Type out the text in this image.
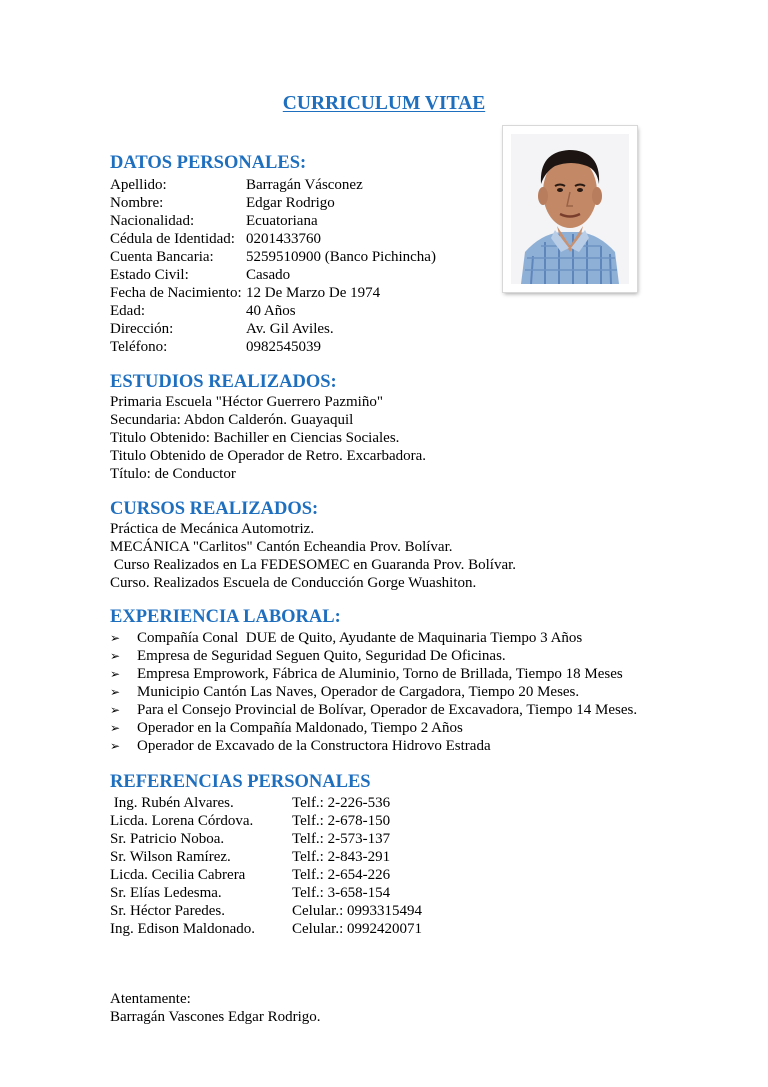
CURRICULUM VITAE
DATOS PERSONALES:
Apellido:	Barragán Vásconez
Nombre:	Edgar Rodrigo
Nacionalidad:	Ecuatoriana
Cédula de Identidad: 0201433760
Cuenta Bancaria:	5259510900 (Banco Pichincha)
Estado Civil:	Casado
Fecha de Nacimiento: 12 De Marzo De 1974
Edad:	40 Años
Dirección:	Av. Gil Aviles.
Teléfono:	0982545039
ESTUDIOS REALIZADOS:
Primaria Escuela "Héctor Guerrero Pazmiño"
Secundaria: Abdon Calderón. Guayaquil
Titulo Obtenido: Bachiller en Ciencias Sociales.
Titulo Obtenido de Operador de Retro. Excarbadora.
Título: de Conductor
CURSOS REALIZADOS:
Práctica de Mecánica Automotriz.
MECÁNICA "Carlitos" Cantón Echeandia Prov. Bolívar.
Curso Realizados en La FEDESOMEC en Guaranda Prov. Bolívar.
Curso. Realizados Escuela de Conducción Gorge Wuashiton.
EXPERIENCIA LABORAL:
➢	Compañía Conal  DUE de Quito, Ayudante de Maquinaria Tiempo 3 Años
➢	Empresa de Seguridad Seguen Quito, Seguridad De Oficinas.
➢	Empresa Emprowork, Fábrica de Aluminio, Torno de Brillada, Tiempo 18 Meses
➢	Municipio Cantón Las Naves, Operador de Cargadora, Tiempo 20 Meses.
➢	Para el Consejo Provincial de Bolívar, Operador de Excavadora, Tiempo 14 Meses.
➢	Operador en la Compañía Maldonado, Tiempo 2 Años
➢	Operador de Excavado de la Constructora Hidrovo Estrada
REFERENCIAS PERSONALES
Ing. Rubén Alvares.	Telf.: 2-226-536
Licda. Lorena Córdova.	Telf.: 2-678-150
Sr. Patricio Noboa.	Telf.: 2-573-137
Sr. Wilson Ramírez.	Telf.: 2-843-291
Licda. Cecilia Cabrera	Telf.: 2-654-226
Sr. Elías Ledesma.	Telf.: 3-658-154
Sr. Héctor Paredes.	Celular.: 0993315494
Ing. Edison Maldonado.	Celular.: 0992420071
Atentamente:
Barragán Vascones Edgar Rodrigo.
